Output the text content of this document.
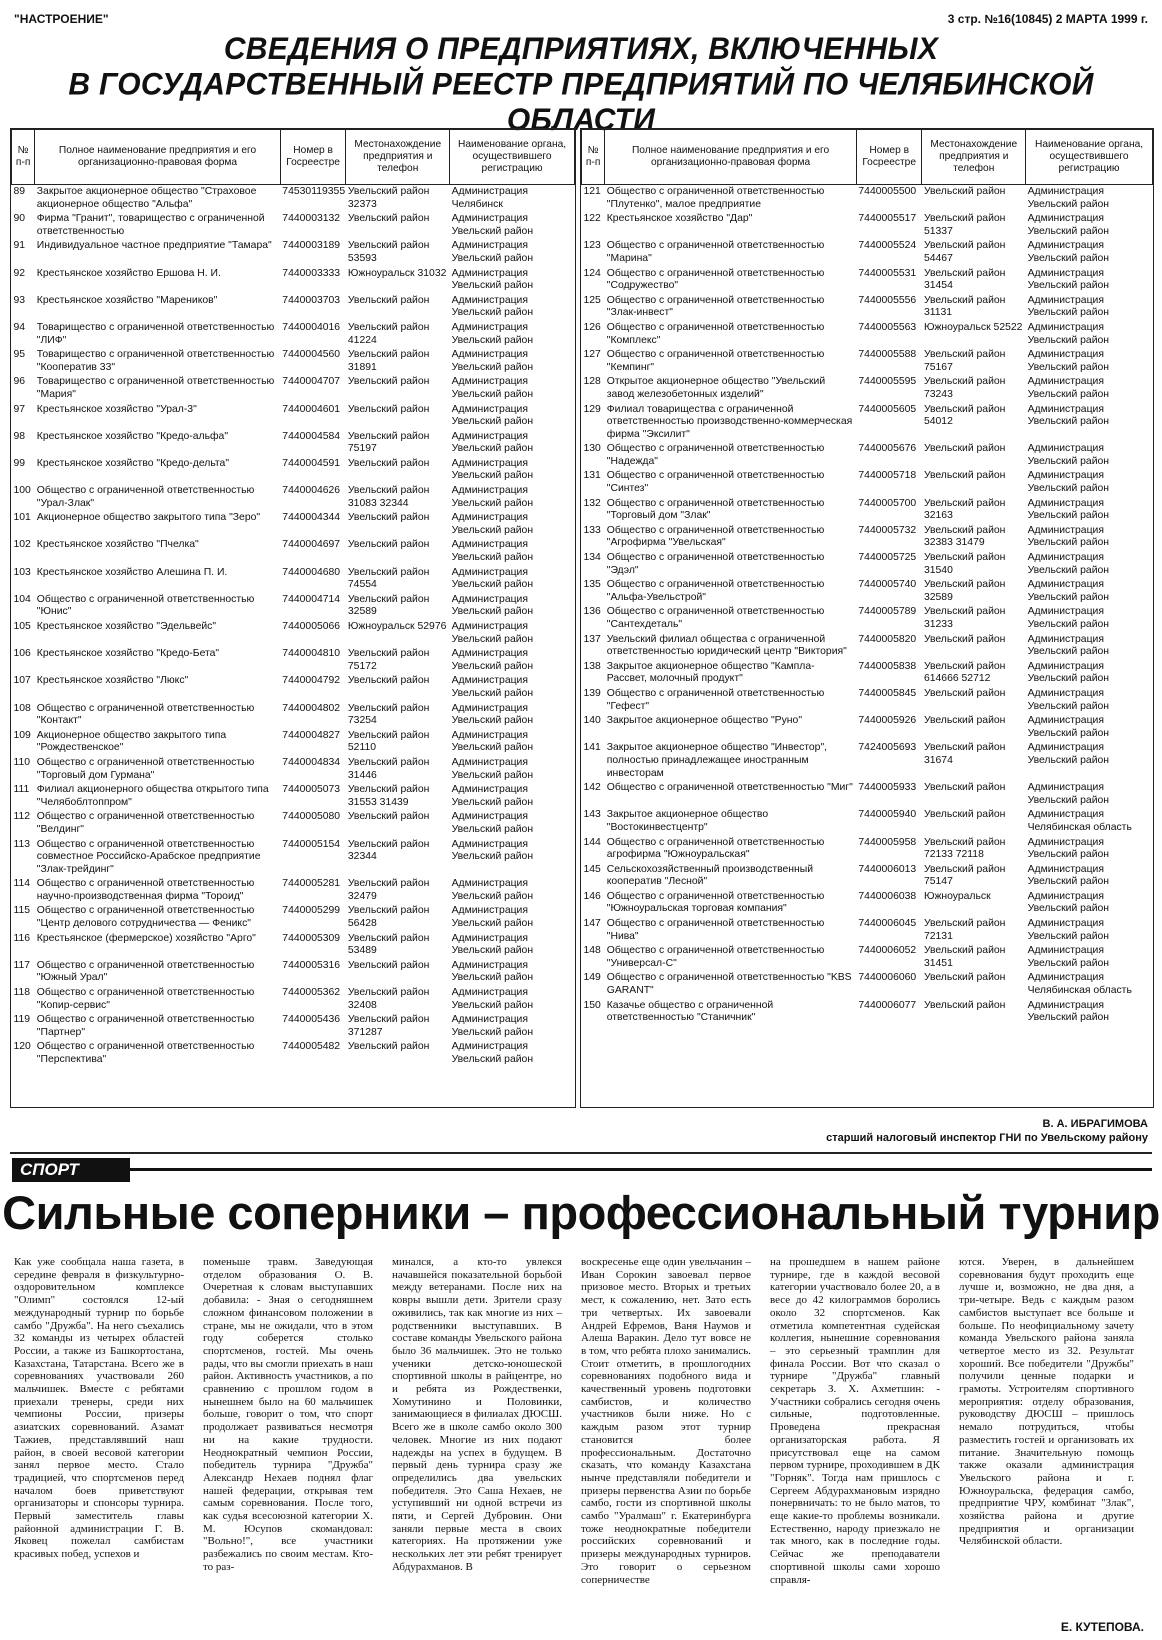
"НАСТРОЕНИЕ"	3 стр. №16(10845) 2 МАРТА 1999 г.
СВЕДЕНИЯ О ПРЕДПРИЯТИЯХ, ВКЛЮЧЕННЫХ
В ГОСУДАРСТВЕННЫЙ РЕЕСТР ПРЕДПРИЯТИЙ ПО ЧЕЛЯБИНСКОЙ ОБЛАСТИ
№ п-п	Полное наименование предприятия и его организационно-правовая форма	Номер в Госреестре	Местонахождение предприятия и телефон	Наименование органа, осуществившего регистрацию
89	Закрытое акционерное общество "Страховое акционерное общество "Альфа"	74530119355	Увельский район 32373	Администрация Челябинск
90	Фирма "Гранит", товарищество с ограниченной ответственностью	7440003132	Увельский район	Администрация Увельский район
91	Индивидуальное частное предприятие "Тамара"	7440003189	Увельский район 53593	Администрация Увельский район
92	Крестьянское хозяйство Ершова Н. И.	7440003333	Южноуральск 31032	Администрация Увельский район
93	Крестьянское хозяйство "Мареников"	7440003703	Увельский район	Администрация Увельский район
94	Товарищество с ограниченной ответственностью "ЛИФ"	7440004016	Увельский район 41224	Администрация Увельский район
95	Товарищество с ограниченной ответственностью "Кооператив 33"	7440004560	Увельский район 31891	Администрация Увельский район
96	Товарищество с ограниченной ответственностью "Мария"	7440004707	Увельский район	Администрация Увельский район
97	Крестьянское хозяйство "Урал-3"	7440004601	Увельский район	Администрация Увельский район
98	Крестьянское хозяйство "Кредо-альфа"	7440004584	Увельский район 75197	Администрация Увельский район
99	Крестьянское хозяйство "Кредо-дельта"	7440004591	Увельский район	Администрация Увельский район
100	Общество с ограниченной ответственностью "Урал-Злак"	7440004626	Увельский район 31083 32344	Администрация Увельский район
101	Акционерное общество закрытого типа "Зеро"	7440004344	Увельский район	Администрация Увельский район
102	Крестьянское хозяйство "Пчелка"	7440004697	Увельский район	Администрация Увельский район
103	Крестьянское хозяйство Алешина П. И.	7440004680	Увельский район 74554	Администрация Увельский район
104	Общество с ограниченной ответственностью "Юнис"	7440004714	Увельский район 32589	Администрация Увельский район
105	Крестьянское хозяйство "Эдельвейс"	7440005066	Южноуральск 52976	Администрация Увельский район
106	Крестьянское хозяйство "Кредо-Бета"	7440004810	Увельский район 75172	Администрация Увельский район
107	Крестьянское хозяйство "Люкс"	7440004792	Увельский район	Администрация Увельский район
108	Общество с ограниченной ответственностью "Контакт"	7440004802	Увельский район 73254	Администрация Увельский район
109	Акционерное общество закрытого типа "Рождественское"	7440004827	Увельский район 52110	Администрация Увельский район
110	Общество с ограниченной ответственностью "Торговый дом Гурмана"	7440004834	Увельский район 31446	Администрация Увельский район
111	Филиал акционерного общества открытого типа "Челябоблтоппром"	7440005073	Увельский район 31553 31439	Администрация Увельский район
112	Общество с ограниченной ответственностью "Велдинг"	7440005080	Увельский район	Администрация Увельский район
113	Общество с ограниченной ответственностью совместное Российско-Арабское предприятие "Злак-трейдинг"	7440005154	Увельский район 32344	Администрация Увельский район
114	Общество с ограниченной ответственностью научно-производственная фирма "Тороид"	7440005281	Увельский район 32479	Администрация Увельский район
115	Общество с ограниченной ответственностью "Центр делового сотрудничества — Феникс"	7440005299	Увельский район 56428	Администрация Увельский район
116	Крестьянское (фермерское) хозяйство "Арго"	7440005309	Увельский район 53489	Администрация Увельский район
117	Общество с ограниченной ответственностью "Южный Урал"	7440005316	Увельский район	Администрация Увельский район
118	Общество с ограниченной ответственностью "Копир-сервис"	7440005362	Увельский район 32408	Администрация Увельский район
119	Общество с ограниченной ответственностью "Партнер"	7440005436	Увельский район 371287	Администрация Увельский район
120	Общество с ограниченной ответственностью "Перспектива"	7440005482	Увельский район	Администрация Увельский район
№ п-п	Полное наименование предприятия и его организационно-правовая форма	Номер в Госреестре	Местонахождение предприятия и телефон	Наименование органа, осуществившего регистрацию
121	Общество с ограниченной ответственностью "Плутенко", малое предприятие	7440005500	Увельский район	Администрация Увельский район
122	Крестьянское хозяйство "Дар"	7440005517	Увельский район 51337	Администрация Увельский район
123	Общество с ограниченной ответственностью "Марина"	7440005524	Увельский район 54467	Администрация Увельский район
124	Общество с ограниченной ответственностью "Содружество"	7440005531	Увельский район 31454	Администрация Увельский район
125	Общество с ограниченной ответственностью "Злак-инвест"	7440005556	Увельский район 31131	Администрация Увельский район
126	Общество с ограниченной ответственностью "Комплекс"	7440005563	Южноуральск 52522	Администрация Увельский район
127	Общество с ограниченной ответственностью "Кемпинг"	7440005588	Увельский район 75167	Администрация Увельский район
128	Открытое акционерное общество "Увельский завод железобетонных изделий"	7440005595	Увельский район 73243	Администрация Увельский район
129	Филиал товарищества с ограниченной ответственностью производственно-коммерческая фирма "Эксилит"	7440005605	Увельский район 54012	Администрация Увельский район
130	Общество с ограниченной ответственностью "Надежда"	7440005676	Увельский район	Администрация Увельский район
131	Общество с ограниченной ответственностью "Синтез"	7440005718	Увельский район	Администрация Увельский район
132	Общество с ограниченной ответственностью "Торговый дом "Злак"	7440005700	Увельский район 32163	Администрация Увельский район
133	Общество с ограниченной ответственностью "Агрофирма "Увельская"	7440005732	Увельский район 32383 31479	Администрация Увельский район
134	Общество с ограниченной ответственностью "Эдэл"	7440005725	Увельский район 31540	Администрация Увельский район
135	Общество с ограниченной ответственностью "Альфа-Увельстрой"	7440005740	Увельский район 32589	Администрация Увельский район
136	Общество с ограниченной ответственностью "Сантехдеталь"	7440005789	Увельский район 31233	Администрация Увельский район
137	Увельский филиал общества с ограниченной ответственностью юридический центр "Виктория"	7440005820	Увельский район	Администрация Увельский район
138	Закрытое акционерное общество "Кампла-Рассвет, молочный продукт"	7440005838	Увельский район 614666 52712	Администрация Увельский район
139	Общество с ограниченной ответственностью "Гефест"	7440005845	Увельский район	Администрация Увельский район
140	Закрытое акционерное общество "Руно"	7440005926	Увельский район	Администрация Увельский район
141	Закрытое акционерное общество "Инвестор", полностью принадлежащее иностранным инвесторам	7424005693	Увельский район 31674	Администрация Увельский район
142	Общество с ограниченной ответственностью "Миг"	7440005933	Увельский район	Администрация Увельский район
143	Закрытое акционерное общество "Востокинвестцентр"	7440005940	Увельский район	Администрация Челябинская область
144	Общество с ограниченной ответственностью агрофирма "Южноуральская"	7440005958	Увельский район 72133 72118	Администрация Увельский район
145	Сельскохозяйственный производственный кооператив "Лесной"	7440006013	Увельский район 75147	Администрация Увельский район
146	Общество с ограниченной ответственностью "Южноуральская торговая компания"	7440006038	Южноуральск	Администрация Увельский район
147	Общество с ограниченной ответственностью "Нива"	7440006045	Увельский район 72131	Администрация Увельский район
148	Общество с ограниченной ответственностью "Универсал-С"	7440006052	Увельский район 31451	Администрация Увельский район
149	Общество с ограниченной ответственностью "KBS GARANT"	7440006060	Увельский район	Администрация Челябинская область
150	Казачье общество с ограниченной ответственностью "Станичник"	7440006077	Увельский район	Администрация Увельский район
В. А. ИБРАГИМОВА
старший налоговый инспектор ГНИ по Увельскому району
СПОРТ
Сильные соперники – профессиональный турнир
Как уже сообщала наша газета, в середине февраля в физкультурно-оздоровительном комплексе "Олимп" состоялся 12-ый международный турнир по борьбе самбо "Дружба". На него съехались 32 команды из четырех областей России, а также из Башкортостана, Казахстана, Татарстана. Всего же в соревнованиях участвовали 260 мальчишек. Вместе с ребятами приехали тренеры, среди них чемпионы России, призеры азиатских соревнований. Азамат Тажиев, представлявший наш район, в своей весовой категории занял первое место. Стало традицией, что спортсменов перед началом боев приветствуют организаторы и спонсоры турнира. Первый заместитель главы районной администрации Г. В. Яковец пожелал самбистам красивых побед, успехов и
поменьше травм. Заведующая отделом образования О. В. Очеретная к словам выступавших добавила: - Зная о сегодняшнем сложном финансовом положении в стране, мы не ожидали, что в этом году соберется столько спортсменов, гостей. Мы очень рады, что вы смогли приехать в наш район. Активность участников, а по сравнению с прошлом годом в нынешнем было на 60 мальчишек больше, говорит о том, что спорт продолжает развиваться несмотря ни на какие трудности. Неоднократный чемпион России, победитель турнира "Дружба" Александр Нехаев поднял флаг нашей федерации, открывая тем самым соревнования. После того, как судья всесоюзной категории Х. М. Юсупов скомандовал: "Вольно!", все участники разбежались по своим местам. Кто-то раз-
минался, а кто-то увлекся начавшейся показательной борьбой между ветеранами. После них на ковры вышли дети. Зрители сразу оживились, так как многие из них – родственники выступавших. В составе команды Увельского района было 36 мальчишек. Это не только ученики детско-юношеской спортивной школы в райцентре, но и ребята из Рождественки, Хомутинино и Половинки, занимающиеся в филиалах ДЮСШ. Всего же в школе самбо около 300 человек. Многие из них подают надежды на успех в будущем. В первый день турнира сразу же определились два увельских победителя. Это Саша Нехаев, не уступивший ни одной встречи из пяти, и Сергей Дубровин. Они заняли первые места в своих категориях. На протяжении уже нескольких лет эти ребят тренирует Абдурахманов. В
воскресенье еще один увельчанин – Иван Сорокин завоевал первое призовое место. Вторых и третьих мест, к сожалению, нет. Зато есть три четвертых. Их завоевали Андрей Ефремов, Ваня Наумов и Алеша Варакин. Дело тут вовсе не в том, что ребята плохо занимались. Стоит отметить, в прошлогодних соревнованиях подобного вида и качественный уровень подготовки самбистов, и количество участников были ниже. Но с каждым разом этот турнир становится более профессиональным. Достаточно сказать, что команду Казахстана нынче представляли победители и призеры первенства Азии по борьбе самбо, гости из спортивной школы самбо "Уралмаш" г. Екатеринбурга тоже неоднократные победители российских соревнований и призеры международных турниров. Это говорит о серьезном соперничестве
на прошедшем в нашем районе турнире, где в каждой весовой категории участвовало более 20, а в весе до 42 килограммов боролись около 32 спортсменов. Как отметила компетентная судейская коллегия, нынешние соревнования – это серьезный трамплин для финала России. Вот что сказал о турнире "Дружба" главный секретарь З. Х. Ахметшин: - Участники собрались сегодня очень сильные, подготовленные. Проведена прекрасная организаторская работа. Я присутствовал еще на самом первом турнире, проходившем в ДК "Горняк". Тогда нам пришлось с Сергеем Абдурахмановым изрядно понервничать: то не было матов, то еще какие-то проблемы возникали. Естественно, народу приезжало не так много, как в последние годы. Сейчас же преподаватели спортивной школы сами хорошо справля-
ются. Уверен, в дальнейшем соревнования будут проходить еще лучше и, возможно, не два дня, а три-четыре. Ведь с каждым разом самбистов выступает все больше и больше. По неофициальному зачету команда Увельского района заняла четвертое место из 32. Результат хороший. Все победители "Дружбы" получили ценные подарки и грамоты. Устроителям спортивного мероприятия: отделу образования, руководству ДЮСШ – пришлось немало потрудиться, чтобы разместить гостей и организовать их питание. Значительную помощь также оказали администрация Увельского района и г. Южноуральска, федерация самбо, предприятие ЧРУ, комбинат "Злак", хозяйства района и другие предприятия и организации Челябинской области.
Е. КУТЕПОВА.
